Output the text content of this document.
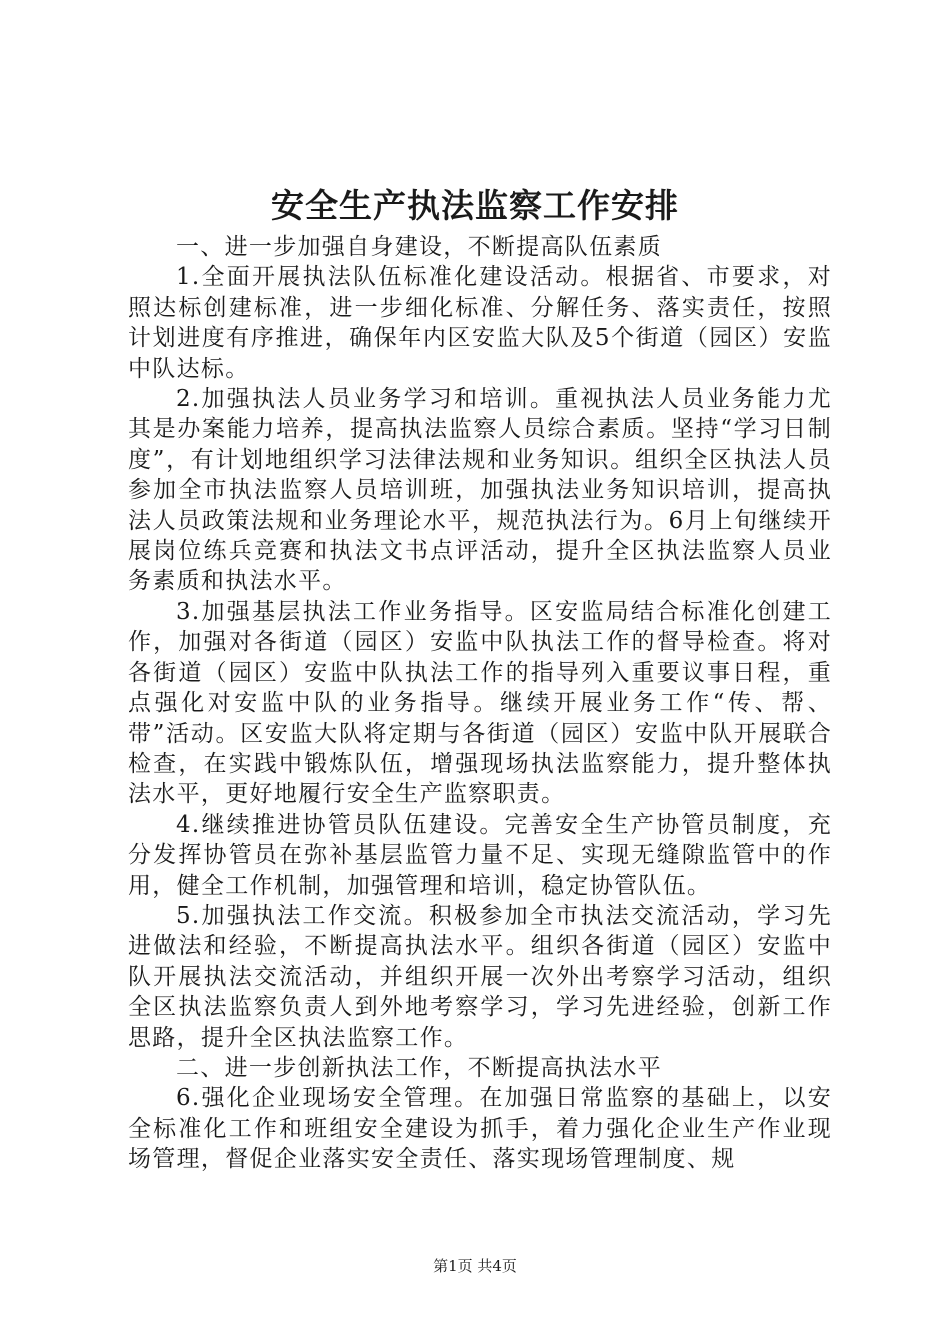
安全生产执法监察工作安排

一、进一步加强自身建设，不断提高队伍素质

1.全面开展执法队伍标准化建设活动。根据省、市要求，对照达标创建标准，进一步细化标准、分解任务、落实责任，按照计划进度有序推进，确保年内区安监大队及5个街道（园区）安监中队达标。

2.加强执法人员业务学习和培训。重视执法人员业务能力尤其是办案能力培养，提高执法监察人员综合素质。坚持“学习日制度”，有计划地组织学习法律法规和业务知识。组织全区执法人员参加全市执法监察人员培训班，加强执法业务知识培训，提高执法人员政策法规和业务理论水平，规范执法行为。6月上旬继续开展岗位练兵竞赛和执法文书点评活动，提升全区执法监察人员业务素质和执法水平。

3.加强基层执法工作业务指导。区安监局结合标准化创建工作，加强对各街道（园区）安监中队执法工作的督导检查。将对各街道（园区）安监中队执法工作的指导列入重要议事日程，重点强化对安监中队的业务指导。继续开展业务工作“传、帮、带”活动。区安监大队将定期与各街道（园区）安监中队开展联合检查，在实践中锻炼队伍，增强现场执法监察能力，提升整体执法水平，更好地履行安全生产监察职责。

4.继续推进协管员队伍建设。完善安全生产协管员制度，充分发挥协管员在弥补基层监管力量不足、实现无缝隙监管中的作用，健全工作机制，加强管理和培训，稳定协管队伍。

5.加强执法工作交流。积极参加全市执法交流活动，学习先进做法和经验，不断提高执法水平。组织各街道（园区）安监中队开展执法交流活动，并组织开展一次外出考察学习活动，组织全区执法监察负责人到外地考察学习，学习先进经验，创新工作思路，提升全区执法监察工作。

二、进一步创新执法工作，不断提高执法水平

6.强化企业现场安全管理。在加强日常监察的基础上，以安全标准化工作和班组安全建设为抓手，着力强化企业生产作业现场管理，督促企业落实安全责任、落实现场管理制度、规

第1页 共4页
